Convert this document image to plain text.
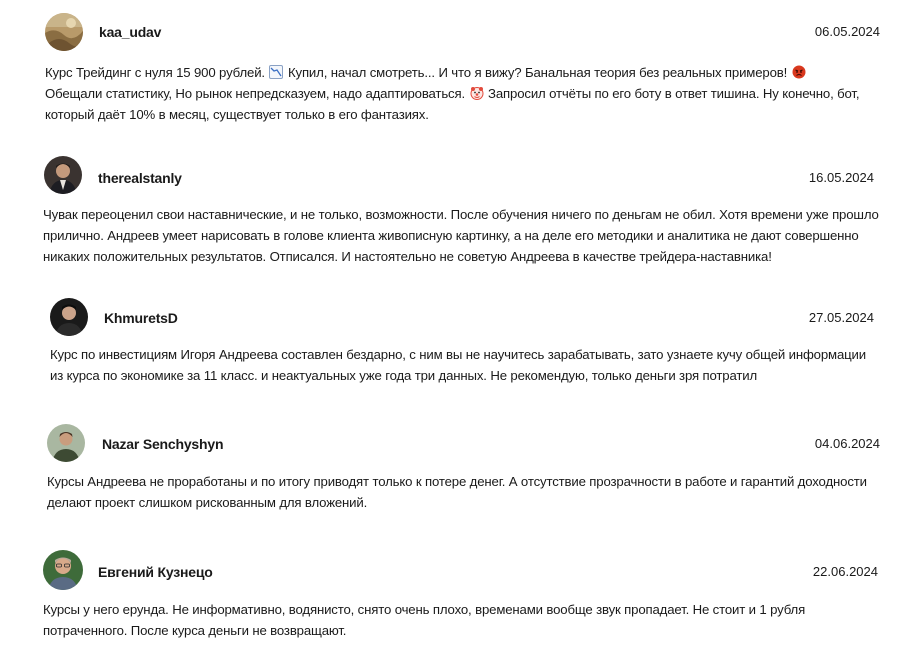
kaa_udav	06.05.2024
Курс Трейдинг с нуля 15 900 рублей. Купил, начал смотреть... И что я вижу? Банальная теория без реальных примеров!

Обещали статистику, Но рынок непредсказуем, надо адаптироваться. Запросил отчёты по его боту в ответ тишина. Ну конечно, бот, который даёт 10% в месяц, существует только в его фантазиях.
therealstanly	16.05.2024
Чувак переоценил свои наставнические, и не только, возможности. После обучения ничего по деньгам не обил. Хотя времени уже прошло прилично. Андреев умеет нарисовать в голове клиента живописную картинку, а на деле его методики и аналитика не дают совершенно никаких положительных результатов. Отписался. И настоятельно не советую Андреева в качестве трейдера-наставника!
KhmuretsD	27.05.2024
Курс по инвестициям Игоря Андреева составлен бездарно, с ним вы не научитесь зарабатывать, зато узнаете кучу общей информации из курса по экономике за 11 класс. и неактуальных уже года три данных. Не рекомендую, только деньги зря потратил
Nazar Senchyshyn	04.06.2024
Курсы Андреева не проработаны и по итогу приводят только к потере денег. А отсутствие прозрачности в работе и гарантий доходности делают проект слишком рискованным для вложений.
Евгений Кузнецо	22.06.2024
Курсы у него ерунда. Не информативно, водянисто, снято очень плохо, временами вообще звук пропадает. Не стоит и 1 рубля потраченного. После курса деньги не возвращают.
